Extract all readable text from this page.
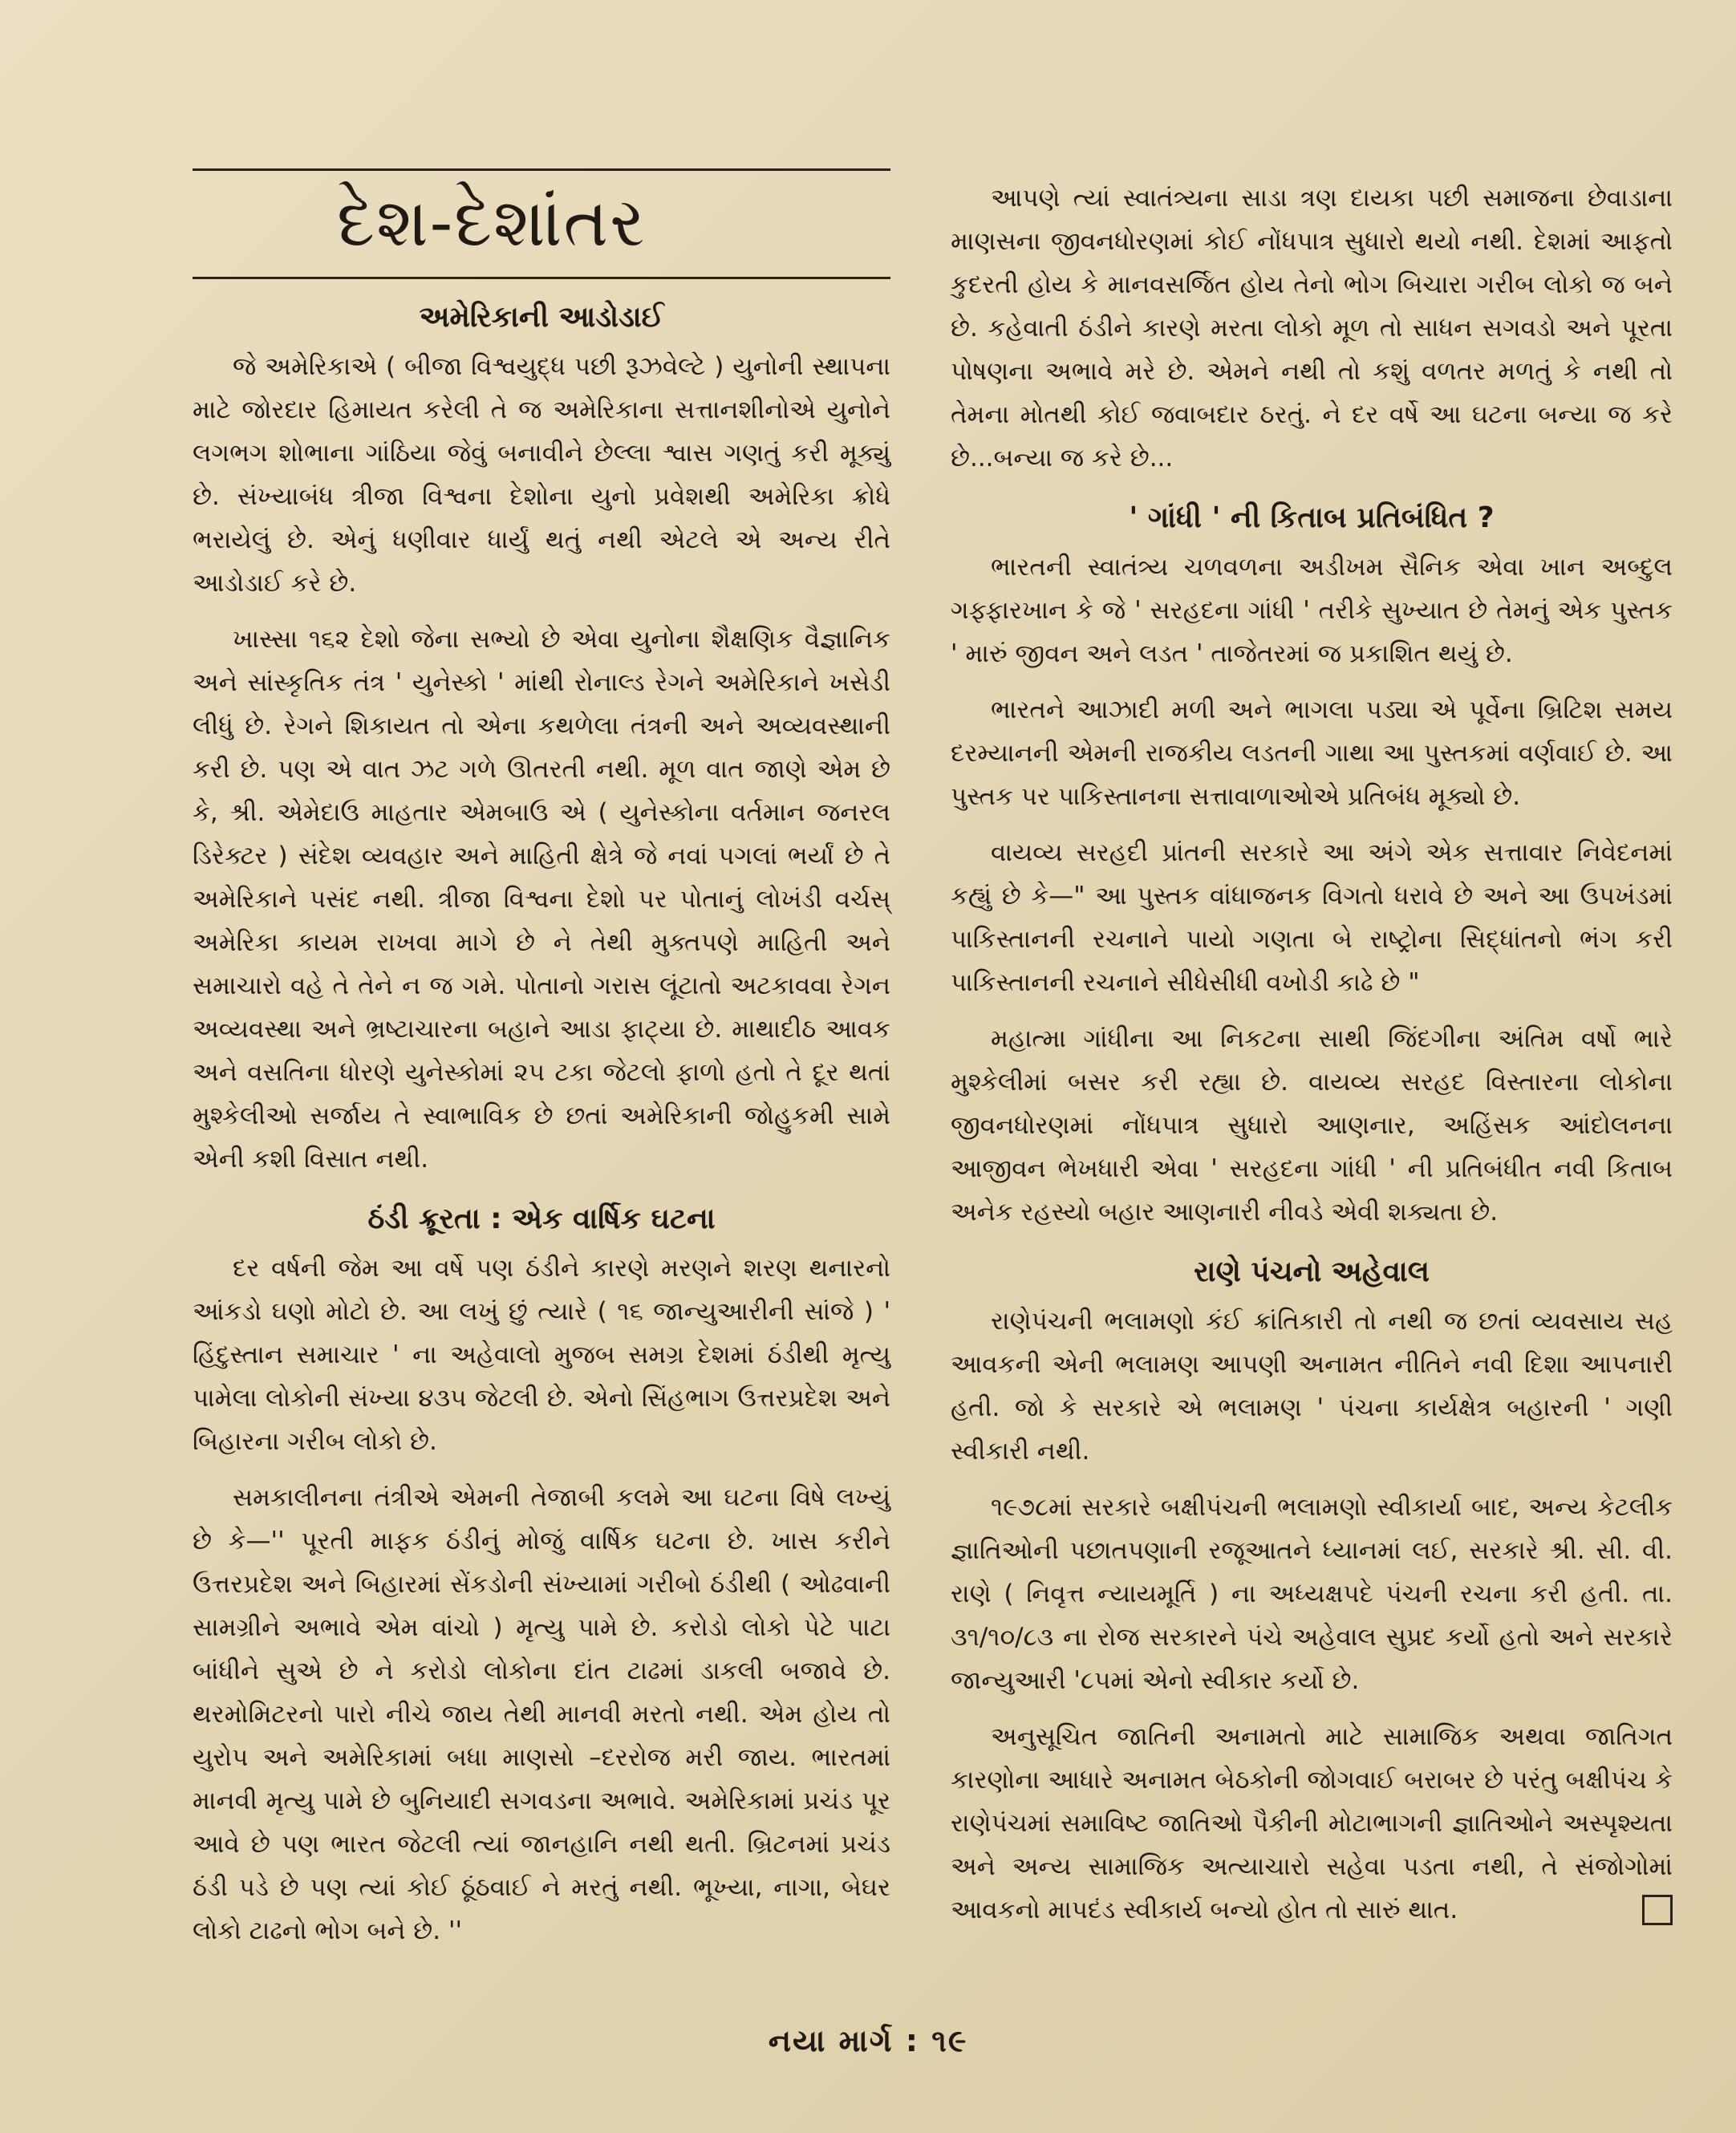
દેશ-દેશાંતર
અમેરિકાની આડોડાઈ

જે અમેરિકાએ ( બીજા વિશ્વયુદ્ધ પછી રૂઝવેલ્ટે ) યુનોની સ્થાપના માટે જોરદાર હિમાયત કરેલી તે જ અમેરિકાના સત્તાનશીનોએ યુનોને લગભગ શોભાના ગાંઠિયા જેવું બનાવીને છેલ્લા શ્વાસ ગણતું કરી મૂક્યું છે. સંખ્યાબંધ ત્રીજા વિશ્વના દેશોના યુનો પ્રવેશથી અમેરિકા ક્રોધે ભરાયેલું છે. એનું ધણીવાર ધાર્યું થતું નથી એટલે એ અન્ય રીતે આડોડાઈ કરે છે.

ખાસ્સા ૧૬૨ દેશો જેના સભ્યો છે એવા યુનોના શૈક્ષણિક વૈજ્ઞાનિક અને સાંસ્કૃતિક તંત્ર ' યુનેસ્કો ' માંથી રોનાલ્ડ રેગને અમેરિકાને ખસેડી લીધું છે. રેગને શિકાયત તો એના કથળેલા તંત્રની અને અવ્યવસ્થાની કરી છે. પણ એ વાત ઝટ ગળે ઊતરતી નથી. મૂળ વાત જાણે એમ છે કે, શ્રી. એમેદાઉ માહતાર એમબાઉ એ ( યુનેસ્કોના વર્તમાન જનરલ ડિરેક્ટર ) સંદેશ વ્યવહાર અને માહિતી ક્ષેત્રે જે નવાં પગલાં ભર્યાં છે તે અમેરિકાને પસંદ નથી. ત્રીજા વિશ્વના દેશો પર પોતાનું લોખંડી વર્ચસ્ અમેરિકા કાયમ રાખવા માગે છે ને તેથી મુક્તપણે માહિતી અને સમાચારો વહે તે તેને ન જ ગમે. પોતાનો ગરાસ લૂંટાતો અટકાવવા રેગન અવ્યવસ્થા અને ભ્રષ્ટાચારના બહાને આડા ફાટ્યા છે. માથાદીઠ આવક અને વસતિના ધોરણે યુનેસ્કોમાં ૨૫ ટકા જેટલો ફાળો હતો તે દૂર થતાં મુશ્કેલીઓ સર્જાય તે સ્વાભાવિક છે છતાં અમેરિકાની જોહુકમી સામે એની કશી વિસાત નથી.

ઠંડી ક્રૂરતા : એક વાર્ષિક ઘટના

દર વર્ષની જેમ આ વર્ષે પણ ઠંડીને કારણે મરણને શરણ થનારનો આંકડો ઘણો મોટો છે. આ લખું છું ત્યારે ( ૧૬ જાન્યુઆરીની સાંજે ) ' હિંદુસ્તાન સમાચાર ' ના અહેવાલો મુજબ સમગ્ર દેશમાં ઠંડીથી મૃત્યુ પામેલા લોકોની સંખ્યા ૪૩૫ જેટલી છે. એનો સિંહભાગ ઉત્તરપ્રદેશ અને બિહારના ગરીબ લોકો છે.

સમકાલીનના તંત્રીએ એમની તેજાબી કલમે આ ઘટના વિષે લખ્યું છે કે—'' પૂરતી માફક ઠંડીનું મોજું વાર્ષિક ઘટના છે. ખાસ કરીને ઉત્તરપ્રદેશ અને બિહારમાં સેંકડોની સંખ્યામાં ગરીબો ઠંડીથી ( ઓઢવાની સામગ્રીને અભાવે એમ વાંચો ) મૃત્યુ પામે છે. કરોડો લોકો પેટે પાટા બાંધીને સુએ છે ને કરોડો લોકોના દાંત ટાઢમાં ડાકલી બજાવે છે. થરમોમિટરનો પારો નીચે જાય તેથી માનવી મરતો નથી. એમ હોય તો યુરોપ અને અમેરિકામાં બધા માણસો –દરરોજ મરી જાય. ભારતમાં માનવી મૃત્યુ પામે છે બુનિયાદી સગવડના અભાવે. અમેરિકામાં પ્રચંડ પૂર આવે છે પણ ભારત જેટલી ત્યાં જાનહાનિ નથી થતી. બ્રિટનમાં પ્રચંડ ઠંડી પડે છે પણ ત્યાં કોઈ ઠૂંઠવાઈ ને મરતું નથી. ભૂખ્યા, નાગા, બેઘર લોકો ટાઢનો ભોગ બને છે. ''

આપણે ત્યાં સ્વાતંત્ર્યના સાડા ત્રણ દાયકા પછી સમાજના છેવાડાના માણસના જીવનધોરણમાં કોઈ નોંધપાત્ર સુધારો થયો નથી. દેશમાં આફતો કુદરતી હોય કે માનવસર્જિત હોય તેનો ભોગ બિચારા ગરીબ લોકો જ બને છે. કહેવાતી ઠંડીને કારણે મરતા લોકો મૂળ તો સાધન સગવડો અને પૂરતા પોષણના અભાવે મરે છે. એમને નથી તો કશું વળતર મળતું કે નથી તો તેમના મોતથી કોઈ જવાબદાર ઠરતું. ને દર વર્ષે આ ઘટના બન્યા જ કરે છે...બન્યા જ કરે છે...

' ગાંધી ' ની કિતાબ પ્રતિબંધિત ?

ભારતની સ્વાતંત્ર્ય ચળવળના અડીખમ સૈનિક એવા ખાન અબ્દુલ ગફ્ફારખાન કે જે ' સરહદના ગાંધી ' તરીકે સુખ્યાત છે તેમનું એક પુસ્તક ' મારું જીવન અને લડત ' તાજેતરમાં જ પ્રકાશિત થયું છે.

ભારતને આઝાદી મળી અને ભાગલા પડ્યા એ પૂર્વેના બ્રિટિશ સમય દરમ્યાનની એમની રાજકીય લડતની ગાથા આ પુસ્તકમાં વર્ણવાઈ છે. આ પુસ્તક પર પાકિસ્તાનના સત્તાવાળાઓએ પ્રતિબંધ મૂક્યો છે.

વાયવ્ય સરહદી પ્રાંતની સરકારે આ અંગે એક સત્તાવાર નિવેદનમાં કહ્યું છે કે—" આ પુસ્તક વાંધાજનક વિગતો ધરાવે છે અને આ ઉપખંડમાં પાકિસ્તાનની રચનાને પાયો ગણતા બે રાષ્ટ્રોના સિદ્ધાંતનો ભંગ કરી પાકિસ્તાનની રચનાને સીધેસીધી વખોડી કાઢે છે "

મહાત્મા ગાંધીના આ નિકટના સાથી જિંદગીના અંતિમ વર્ષો ભારે મુશ્કેલીમાં બસર કરી રહ્યા છે. વાયવ્ય સરહદ વિસ્તારના લોકોના જીવનધોરણમાં નોંધપાત્ર સુધારો આણનાર, અહિંસક આંદોલનના આજીવન ભેખધારી એવા ' સરહદના ગાંધી ' ની પ્રતિબંધીત નવી કિતાબ અનેક રહસ્યો બહાર આણનારી નીવડે એવી શક્યતા છે.

રાણે પંચનો અહેવાલ

રાણેપંચની ભલામણો કંઈ ક્રાંતિકારી તો નથી જ છતાં વ્યવસાય સહ આવકની એની ભલામણ આપણી અનામત નીતિને નવી દિશા આપનારી હતી. જો કે સરકારે એ ભલામણ ' પંચના કાર્યક્ષેત્ર બહારની ' ગણી સ્વીકારી નથી.

૧૯૭૮માં સરકારે બક્ષીપંચની ભલામણો સ્વીકાર્યા બાદ, અન્ય કેટલીક જ્ઞાતિઓની પછાતપણાની રજૂઆતને ધ્યાનમાં લઈ, સરકારે શ્રી. સી. વી. રાણે ( નિવૃત્ત ન્યાયમૂર્તિ ) ના અધ્યક્ષપદે પંચની રચના કરી હતી. તા. ૩૧/૧૦/૮૩ ના રોજ સરકારને પંચે અહેવાલ સુપ્રદ કર્યો હતો અને સરકારે જાન્યુઆરી '૮૫માં એનો સ્વીકાર કર્યો છે.

અનુસૂચિત જાતિની અનામતો માટે સામાજિક અથવા જાતિગત કારણોના આધારે અનામત બેઠકોની જોગવાઈ બરાબર છે પરંતુ બક્ષીપંચ કે રાણેપંચમાં સમાવિષ્ટ જાતિઓ પૈકીની મોટાભાગની જ્ઞાતિઓને અસ્પૃશ્યતા અને અન્ય સામાજિક અત્યાચારો સહેવા પડતા નથી, તે સંજોગોમાં આવકનો માપદંડ સ્વીકાર્ય બન્યો હોત તો સારું થાત.

નયા માર્ગ : ૧૯
